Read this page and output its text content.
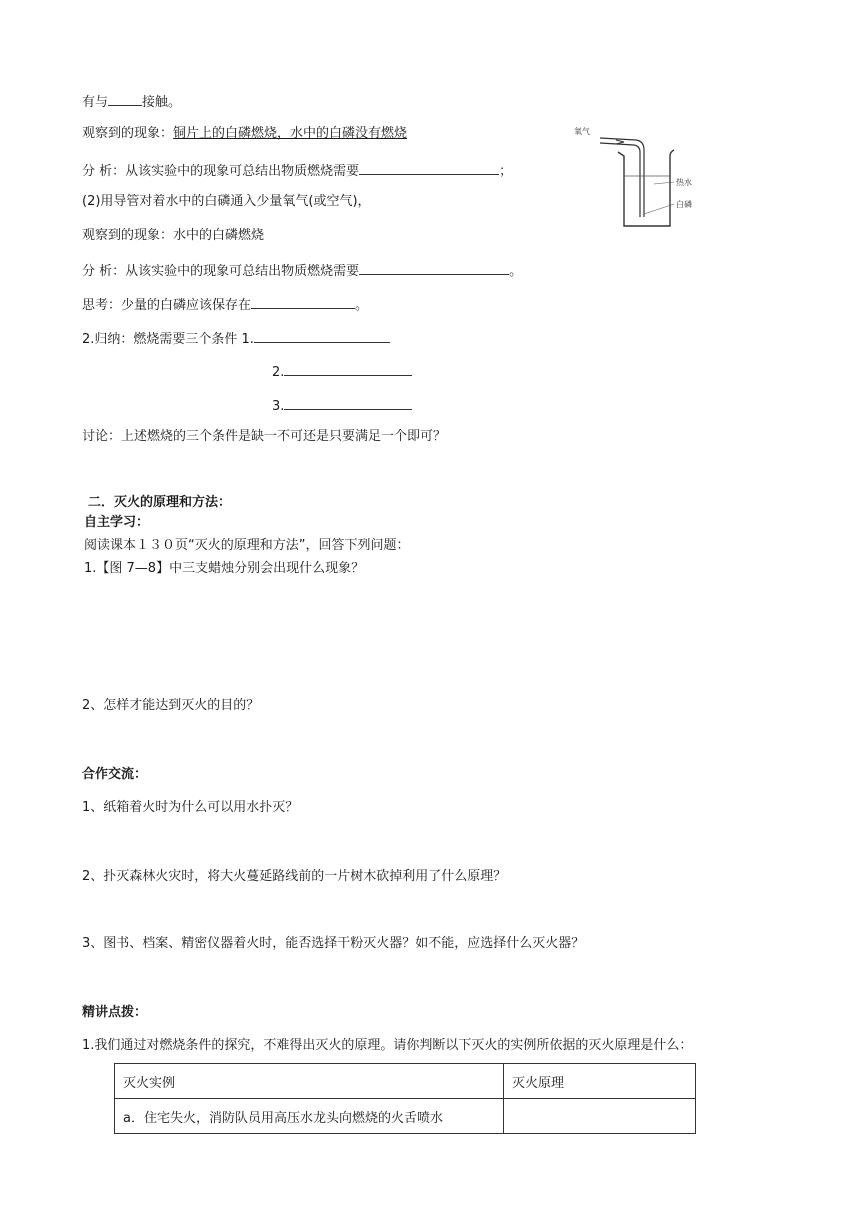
有与	接触。
观察到的现象：铜片上的白磷燃烧，水中的白磷没有燃烧
分 析：从该实验中的现象可总结出物质燃烧需要	；
(2)用导管对着水中的白磷通入少量氧气(或空气)，
观察到的现象：水中的白磷燃烧
分 析：从该实验中的现象可总结出物质燃烧需要	。
思考：少量的白磷应该保存在	。
2.归纳：燃烧需要三个条件 1.
2.
3.
讨论：上述燃烧的三个条件是缺一不可还是只要满足一个即可？
氧气
热水
白磷
二．灭火的原理和方法：
自主学习：
阅读课本１３０页“灭火的原理和方法”，回答下列问题：
1.【图 7—8】中三支蜡烛分别会出现什么现象？
2、怎样才能达到灭火的目的？
合作交流：
1、纸箱着火时为什么可以用水扑灭？
2、扑灭森林火灾时，将大火蔓延路线前的一片树木砍掉利用了什么原理？
3、图书、档案、精密仪器着火时，能否选择干粉灭火器？如不能，应选择什么灭火器？
精讲点拨：
1.我们通过对燃烧条件的探究，不难得出灭火的原理。请你判断以下灭火的实例所依据的灭火原理是什么：
灭火实例	灭火原理
a．住宅失火，消防队员用高压水龙头向燃烧的火舌喷水	
